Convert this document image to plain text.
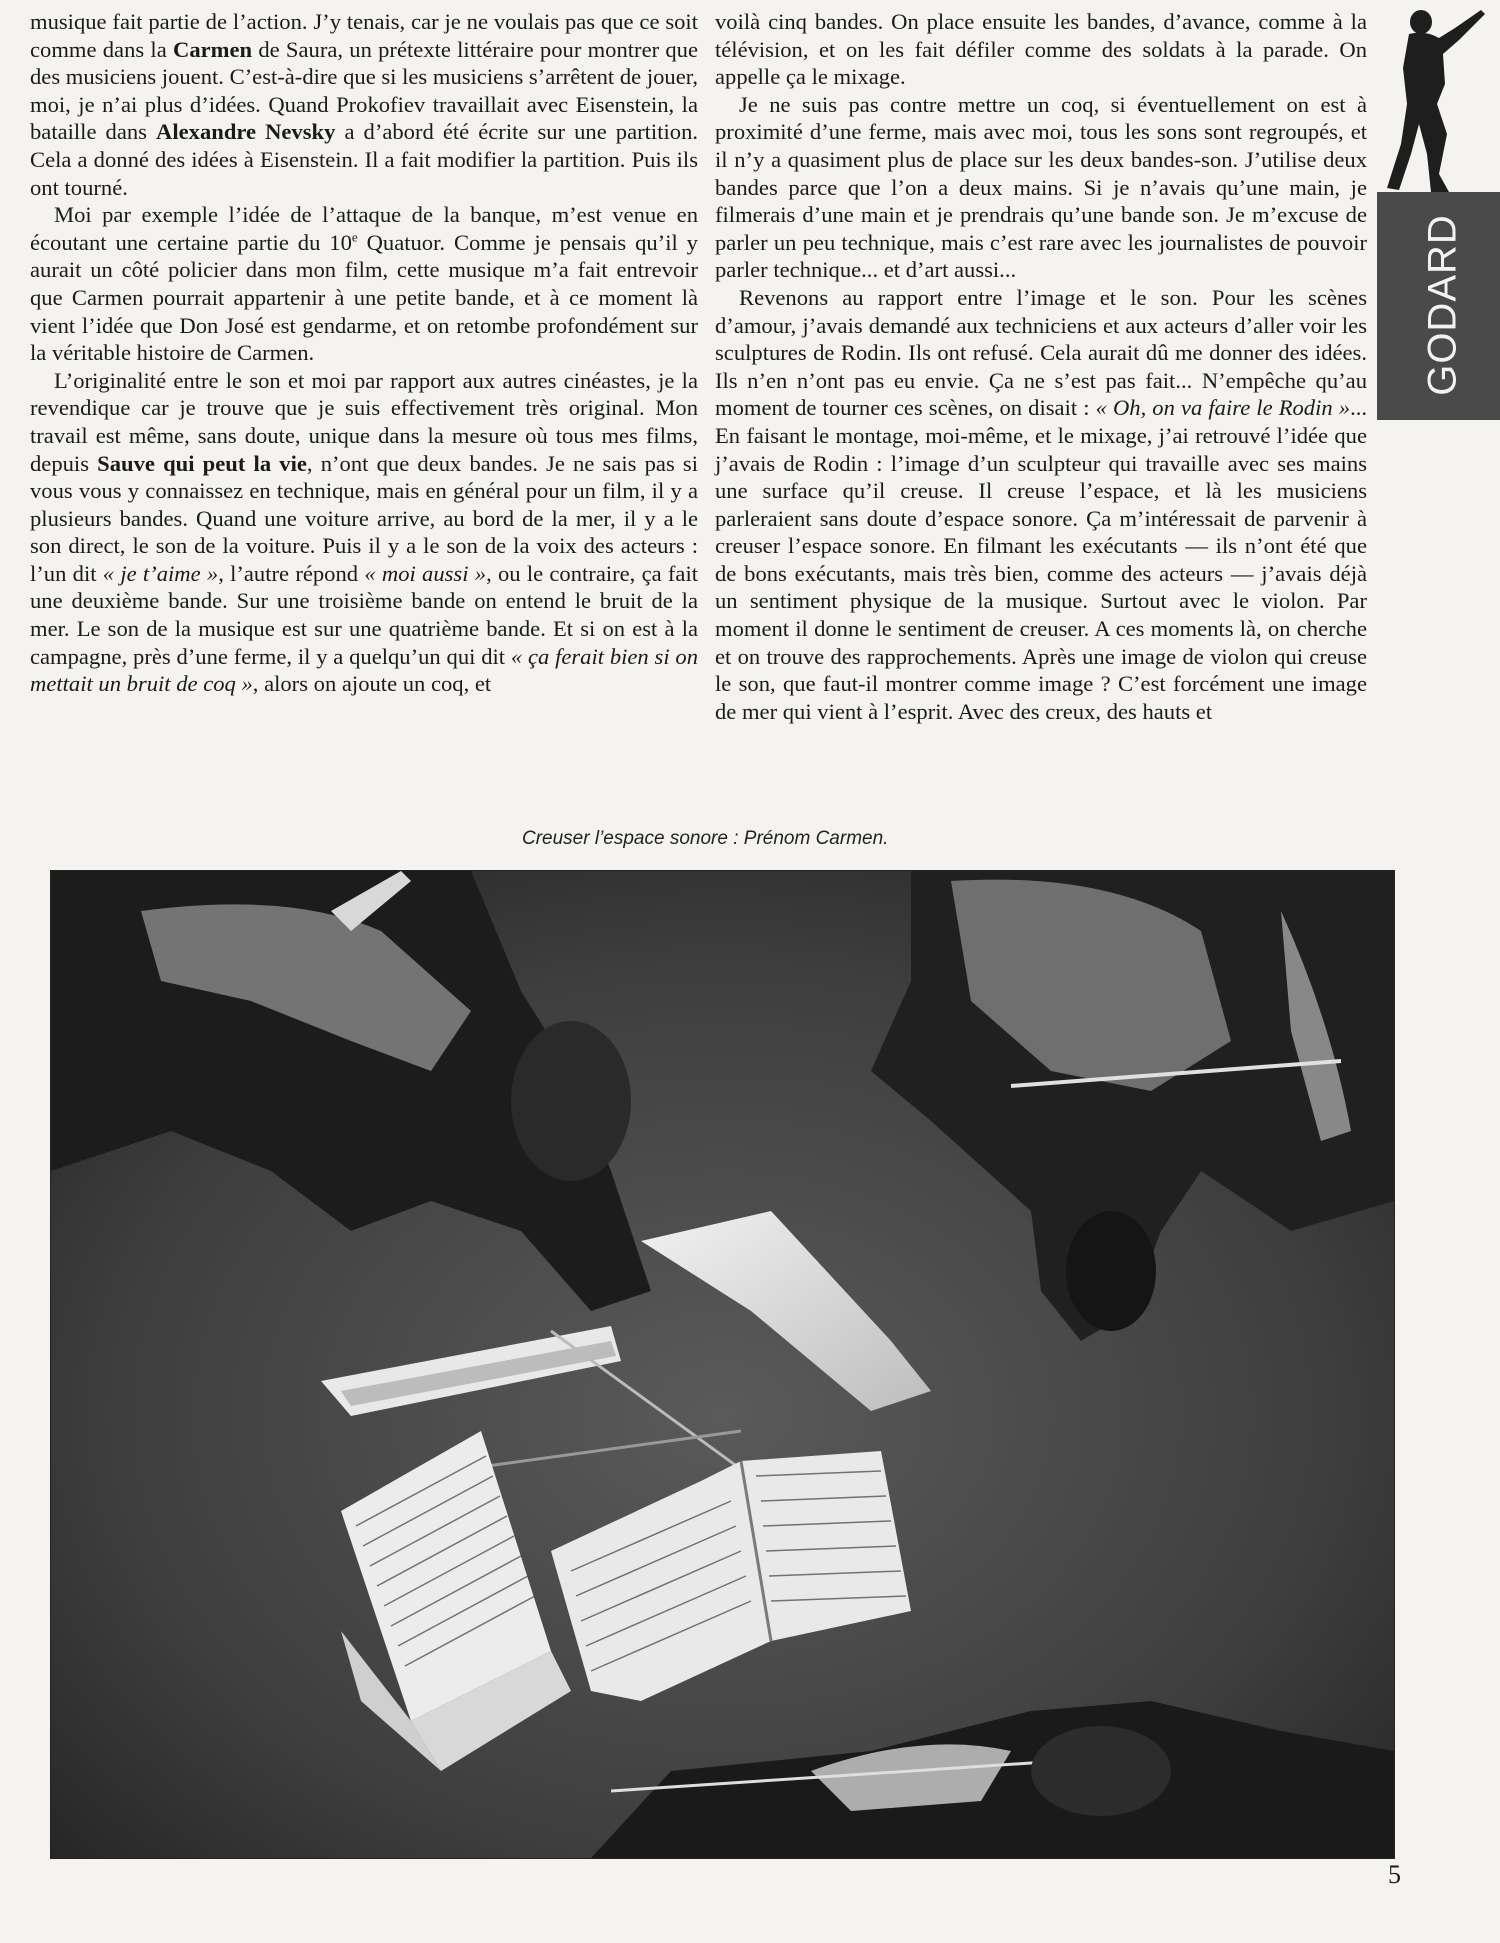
musique fait partie de l’action. J’y tenais, car je ne voulais pas que ce soit comme dans la Carmen de Saura, un prétexte littéraire pour montrer que des musiciens jouent. C’est-à-dire que si les musiciens s’arrêtent de jouer, moi, je n’ai plus d’idées. Quand Prokofiev travaillait avec Eisenstein, la bataille dans Alexandre Nevsky a d’abord été écrite sur une partition. Cela a donné des idées à Eisenstein. Il a fait modifier la partition. Puis ils ont tourné.

Moi par exemple l’idée de l’attaque de la banque, m’est venue en écoutant une certaine partie du 10e Quatuor. Comme je pensais qu’il y aurait un côté policier dans mon film, cette musique m’a fait entrevoir que Carmen pourrait appartenir à une petite bande, et à ce moment là vient l’idée que Don José est gendarme, et on retombe profondément sur la véritable histoire de Carmen.

L’originalité entre le son et moi par rapport aux autres cinéastes, je la revendique car je trouve que je suis effectivement très original. Mon travail est même, sans doute, unique dans la mesure où tous mes films, depuis Sauve qui peut la vie, n’ont que deux bandes. Je ne sais pas si vous vous y connaissez en technique, mais en général pour un film, il y a plusieurs bandes. Quand une voiture arrive, au bord de la mer, il y a le son direct, le son de la voiture. Puis il y a le son de la voix des acteurs : l’un dit « je t’aime », l’autre répond « moi aussi », ou le contraire, ça fait une deuxième bande. Sur une troisième bande on entend le bruit de la mer. Le son de la musique est sur une quatrième bande. Et si on est à la campagne, près d’une ferme, il y a quelqu’un qui dit « ça ferait bien si on mettait un bruit de coq », alors on ajoute un coq, et

voilà cinq bandes. On place ensuite les bandes, d’avance, comme à la télévision, et on les fait défiler comme des soldats à la parade. On appelle ça le mixage.

Je ne suis pas contre mettre un coq, si éventuellement on est à proximité d’une ferme, mais avec moi, tous les sons sont regroupés, et il n’y a quasiment plus de place sur les deux bandes-son. J’utilise deux bandes parce que l’on a deux mains. Si je n’avais qu’une main, je filmerais d’une main et je prendrais qu’une bande son. Je m’excuse de parler un peu technique, mais c’est rare avec les journalistes de pouvoir parler technique... et d’art aussi...

Revenons au rapport entre l’image et le son. Pour les scènes d’amour, j’avais demandé aux techniciens et aux acteurs d’aller voir les sculptures de Rodin. Ils ont refusé. Cela aurait dû me donner des idées. Ils n’en n’ont pas eu envie. Ça ne s’est pas fait... N’empêche qu’au moment de tourner ces scènes, on disait : « Oh, on va faire le Rodin »... En faisant le montage, moi-même, et le mixage, j’ai retrouvé l’idée que j’avais de Rodin : l’image d’un sculpteur qui travaille avec ses mains une surface qu’il creuse. Il creuse l’espace, et là les musiciens parleraient sans doute d’espace sonore. Ça m’intéressait de parvenir à creuser l’espace sonore. En filmant les exécutants — ils n’ont été que de bons exécutants, mais très bien, comme des acteurs — j’avais déjà un sentiment physique de la musique. Surtout avec le violon. Par moment il donne le sentiment de creuser. A ces moments là, on cherche et on trouve des rapprochements. Après une image de violon qui creuse le son, que faut-il montrer comme image ? C’est forcément une image de mer qui vient à l’esprit. Avec des creux, des hauts et

GODARD
Creuser l’espace sonore : Prénom Carmen.
5
